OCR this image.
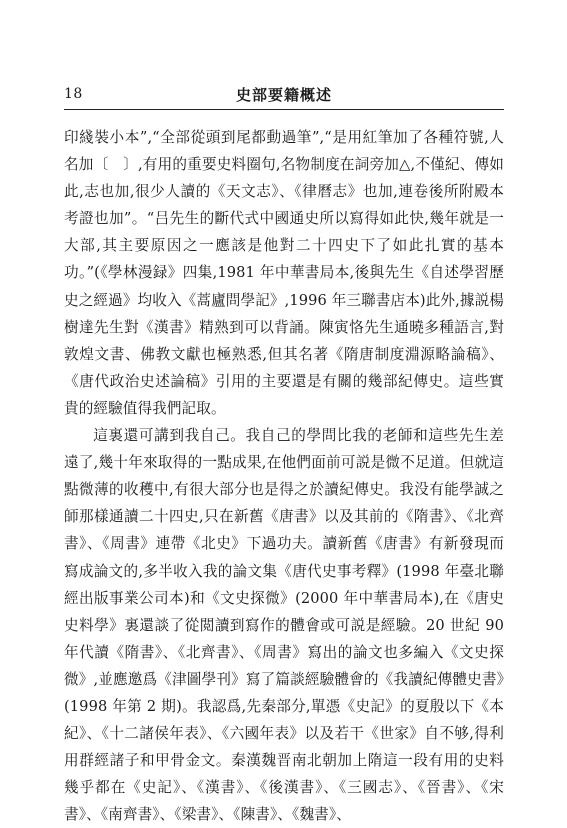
18	史部要籍概述

印綫裝小本”,“全部從頭到尾都動過筆”,“是用紅筆加了各種符號,人名加〔　〕,有用的重要史料圈句,名物制度在詞旁加△,不僅紀、傳如此,志也加,很少人讀的《天文志》、《律曆志》也加,連卷後所附殿本考證也加”。“吕先生的斷代式中國通史所以寫得如此快,幾年就是一大部,其主要原因之一應該是他對二十四史下了如此扎實的基本功。”(《學林漫録》四集,1981 年中華書局本,後與先生《自述學習歷史之經過》均收入《蒿廬問學記》,1996 年三聯書店本)此外,據説楊樹達先生對《漢書》精熟到可以背誦。陳寅恪先生通曉多種語言,對敦煌文書、佛教文獻也極熟悉,但其名著《隋唐制度淵源略論稿》、《唐代政治史述論稿》引用的主要還是有關的幾部紀傳史。這些實貴的經驗值得我們記取。

這裏還可講到我自己。我自己的學問比我的老師和這些先生差遠了,幾十年來取得的一點成果,在他們面前可説是微不足道。但就這點微薄的收穫中,有很大部分也是得之於讀紀傳史。我没有能學誠之師那樣通讀二十四史,只在新舊《唐書》以及其前的《隋書》、《北齊書》、《周書》連帶《北史》下過功夫。讀新舊《唐書》有新發現而寫成論文的,多半收入我的論文集《唐代史事考釋》(1998 年臺北聯經出版事業公司本)和《文史探微》(2000 年中華書局本),在《唐史史料學》裏還談了從閲讀到寫作的體會或可説是經驗。20 世紀 90 年代讀《隋書》、《北齊書》、《周書》寫出的論文也多編入《文史探微》,並應邀爲《津圖學刊》寫了篇談經驗體會的《我讀紀傳體史書》(1998 年第 2 期)。我認爲,先秦部分,單憑《史記》的夏殷以下《本紀》、《十二諸侯年表》、《六國年表》以及若干《世家》自不够,得利用群經諸子和甲骨金文。秦漢魏晋南北朝加上隋這一段有用的史料幾乎都在《史記》、《漢書》、《後漢書》、《三國志》、《晉書》、《宋書》、《南齊書》、《梁書》、《陳書》、《魏書》、
